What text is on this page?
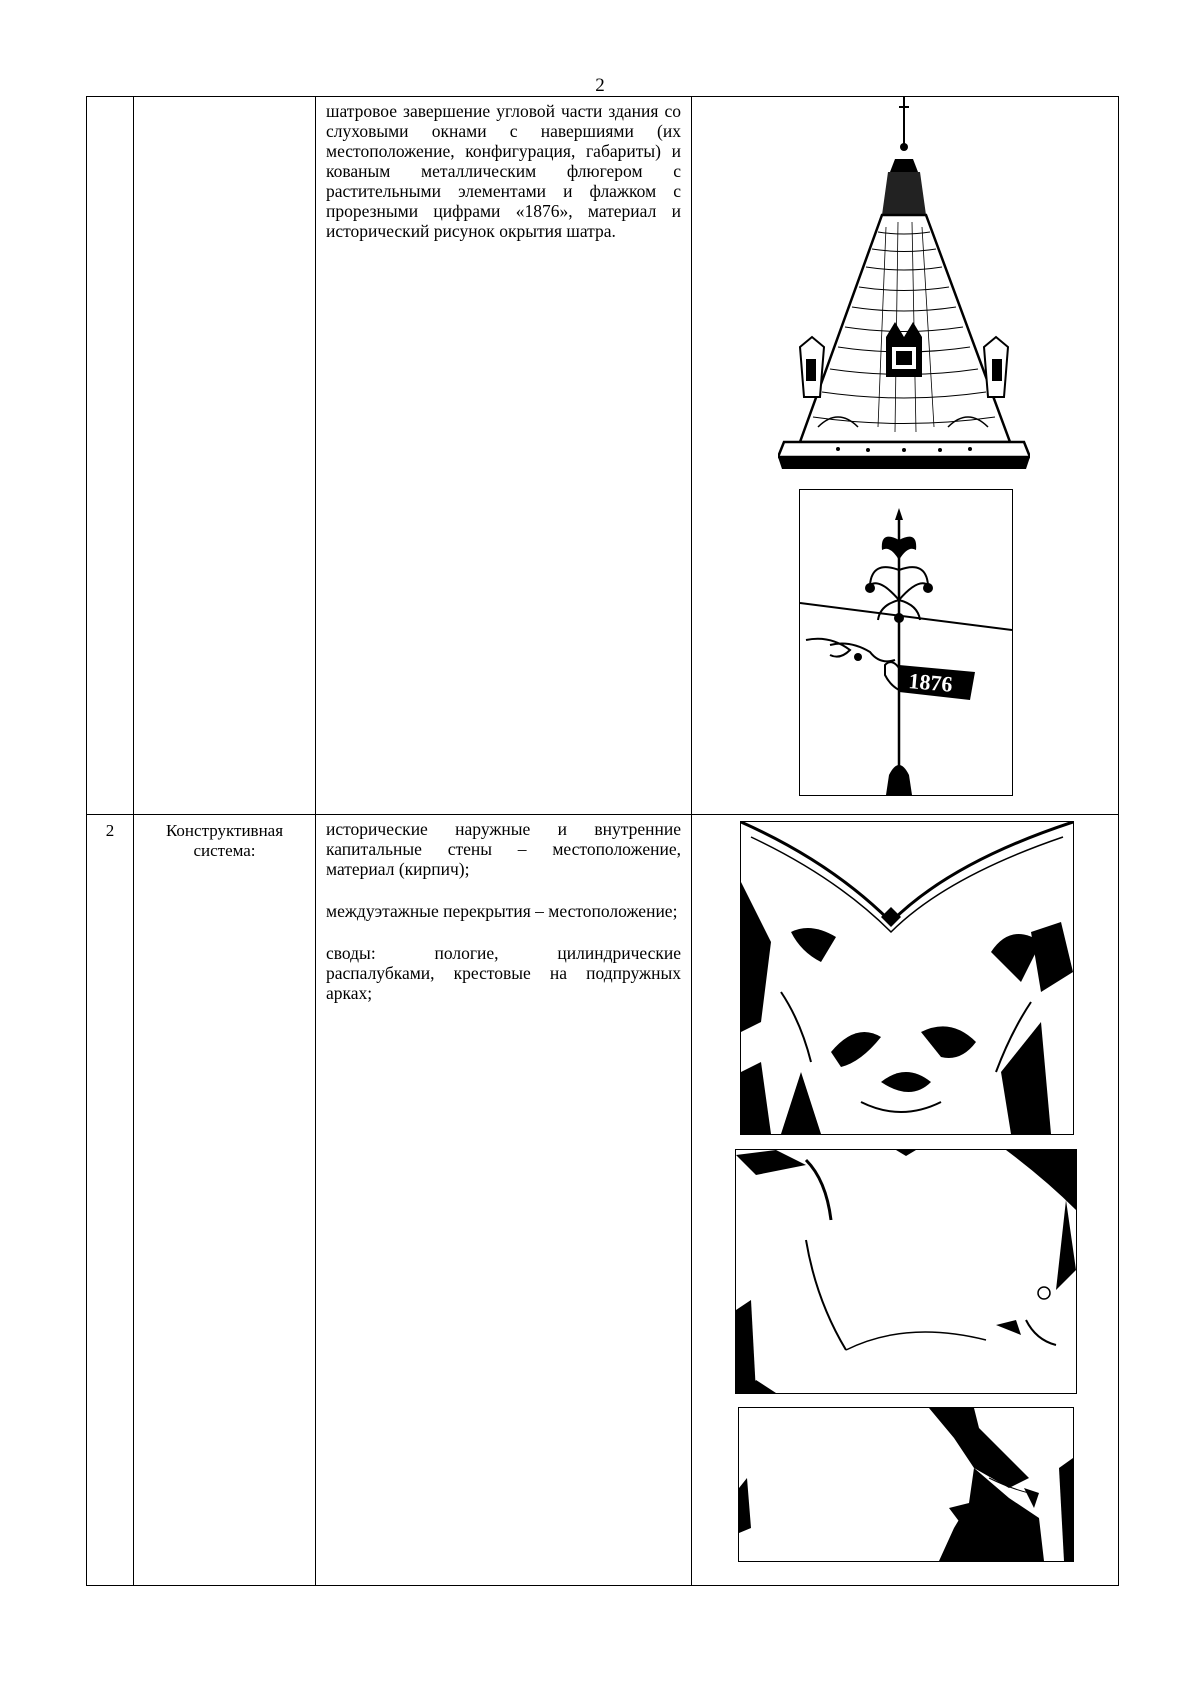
2

		шатровое завершение угловой части здания со слуховыми окнами с навершиями (их местоположение, конфигурация, габариты) и кованым металлическим флюгером с растительными элементами и флажком с прорезными цифрами «1876», материал и исторический рисунок окрытия шатра.	1876

2	Конструктивная система:	исторические наружные и внутренние капитальные стены – местоположение, материал (кирпич);

междуэтажные перекрытия – местоположение;

своды: пологие, цилиндрические распалубками, крестовые на подпружных арках;
